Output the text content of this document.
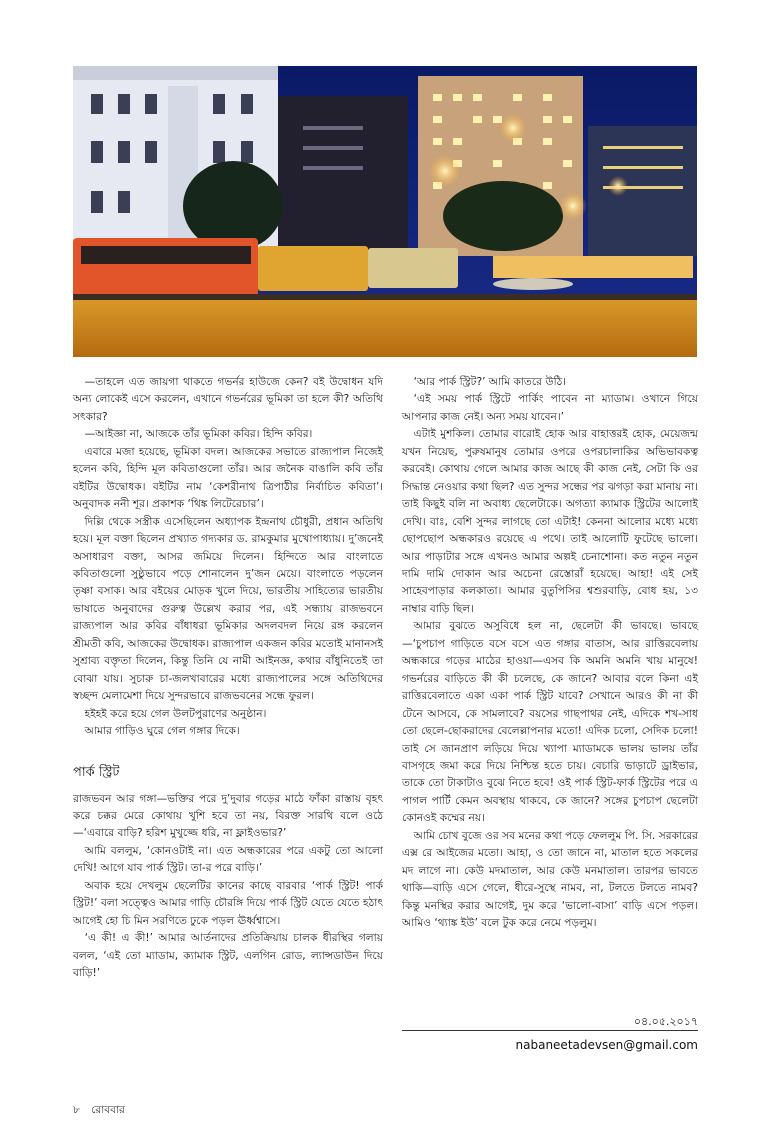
—তাহলে এত জায়গা থাকতে গভর্নর হাউজে কেন? বই উদ্বোধন যদি অন্য লোকেই এসে করলেন, এখানে গভর্নরের ভূমিকা তা হলে কী? অতিথি সৎকার?

—আইজ্ঞা না, আজকে তাঁর ভূমিকা কবির। হিন্দি কবির।

এবারে মজা হয়েছে, ভূমিকা বদল। আজকের সভাতে রাজ্যপাল নিজেই হলেন কবি, হিন্দি মূল কবিতাগুলো তাঁর। আর জনৈক বাঙালি কবি তাঁর বইটির উদ্বোধক। বইটির নাম ‘কেশরীনাথ ত্রিপাঠীর নির্বাচিত কবিতা’। অনুবাদক ননী শূর। প্রকাশক ‘থিঙ্ক লিটেরেচার’।

দিল্লি থেকে সস্ত্রীক এসেছিলেন অধ্যাপক ইন্দ্রনাথ চৌধুরী, প্রধান অতিথি হয়ে। মূল বক্তা ছিলেন প্রখ্যাত গদ্যকার ড. রামকুমার মুখোপাধ্যায়। দু’জনেই অসাধারণ বক্তা, আসর জমিয়ে দিলেন। হিন্দিতে আর বাংলাতে কবিতাগুলো সুষ্ঠুভাবে পড়ে শোনালেন দু’জন মেয়ে। বাংলাতে পড়লেন তৃষ্ণা বসাক। আর বইয়ের মোড়ক খুলে দিয়ে, ভারতীয় সাহিত্যের ভারতীয় ভাষাতে অনুবাদের গুরুত্ব উল্লেখ করার পর, এই সন্ধ্যায় রাজভবনে রাজ্যপাল আর কবির বাঁধাধরা ভূমিকার অদলবদল নিয়ে রঙ্গ করলেন শ্রীমতী কবি, আজকের উদ্বোধক। রাজ্যপাল একজন কবির মতোই মানানসই সুশ্রাব্য বক্তৃতা দিলেন, কিন্তু তিনি যে নামী আইনজ্ঞ, কথার বাঁধুনিতেই তা বোঝা যায়। সুচারু চা-জলখাবারের মধ্যে রাজ্যপালের সঙ্গে অতিথিদের স্বচ্ছন্দ মেলামেশা দিয়ে সুন্দরভাবে রাজভবনের সন্ধে ফুরল।

হইহই করে হয়ে গেল উলটপুরাণের অনুষ্ঠান।

আমার গাড়িও ঘুরে গেল গঙ্গার দিকে।

পার্ক স্ট্রিট

রাজভবন আর গঙ্গা—ভক্তির পরে দু’দুবার গড়ের মাঠে ফাঁকা রাস্তায় বৃহৎ করে চক্কর মেরে কোথায় খুশি হবে তা নয়, বিরক্ত সারথি বলে ওঠে—‘এবারে বাড়ি? হরিশ মুখুজ্জে ধরি, না ফ্লাইওভার?’

আমি বললুম, ‘কোনওটাই না। এত অন্ধকারের পরে একটু তো আলো দেখি! আগে যাব পার্ক স্ট্রিট। তা-র পরে বাড়ি।’

অবাক হয়ে দেখলুম ছেলেটির কানের কাছে বারবার ‘পার্ক স্ট্রিট! পার্ক স্ট্রিট!’ বলা সত্ত্বেও আমার গাড়ি চৌরঙ্গি দিয়ে পার্ক স্ট্রিট যেতে যেতে হঠাৎ আগেই হো চি মিন সরণিতে ঢুকে পড়ল ঊর্ধ্বশ্বাসে।

‘এ কী! এ কী!’ আমার আর্তনাদের প্রতিক্রিয়ায় চালক ধীরস্থির গলায় বলল, ‘এই তো ম্যাডাম, ক্যামাক স্ট্রিট, এলগিন রোড, ল্যান্সডাউন দিয়ে বাড়ি!’

‘আর পার্ক স্ট্রিট?’ আমি কাতরে উঠি।

‘এই সময় পার্ক স্ট্রিটে পার্কিং পাবেন না ম্যাডাম। ওখানে গিয়ে আপনার কাজ নেই। অন্য সময় যাবেন।’

এটাই মুশকিল। তোমার বারোই হোক আর বাহাত্তরই হোক, মেয়েজন্ম যখন নিয়েছ, পুরুষমানুষ তোমার ওপরে ওপরচালাকির অভিভাবকত্ব করবেই। কোথায় গেলে আমার কাজ আছে কী কাজ নেই, সেটা কি ওর সিদ্ধান্ত নেওয়ার কথা ছিল? এত সুন্দর সন্ধের পর ঝগড়া করা মানায় না। তাই কিছুই বলি না অবাধ্য ছেলেটাকে। অগত্যা ক্যামাক স্ট্রিটের আলোই দেখি। বাঃ, বেশি সুন্দর লাগছে তো এটাই! কেননা আলোর মধ্যে মধ্যে ছোপছোপ অন্ধকারও রয়েছে এ পথে। তাই আলোটি ফুটেছে ভালো। আর পাড়াটার সঙ্গে এখনও আমার অল্পই চেনাশোনা। কত নতুন নতুন দামি দামি দোকান আর অচেনা রেস্তোরাঁ হয়েছে। আহা! এই সেই সাহেবপাড়ার কলকাতা। আমার বুতুপিসির শ্বশুরবাড়ি, বোধ হয়, ১৩ নাম্বার বাড়ি ছিল।

আমার বুঝতে অসুবিধে হল না, ছেলেটা কী ভাবছে। ভাবছে—‘চুপচাপ গাড়িতে বসে বসে এত গঙ্গার বাতাস, আর রাত্তিরবেলায় অন্ধকারে গড়ের মাঠের হাওয়া—এসব কি অমনি অমনি খায় মানুষে! গভর্নরের বাড়িতে কী কী চলেছে, কে জানে? আবার বলে কিনা এই রাত্তিরবেলাতে একা একা পার্ক স্ট্রিট যাবে? সেখানে আরও কী না কী টেনে আসবে, কে সামলাবে? বয়সের গাছপাথর নেই, এদিকে শখ-সাধ তো ছেলে-ছোকরাদের বেলেল্লাপনার মতো! এদিক চলো, সেদিক চলো! তাই সে জানপ্রাণ লড়িয়ে দিয়ে খ্যাপা ম্যাডামকে ভালয় ভালয় তাঁর বাসগৃহে জমা করে দিয়ে নিশ্চিন্ত হতে চায়। বেচারি ভাড়াটে ড্রাইভার, তাকে তো টাকাটাও বুঝে নিতে হবে! ওই পার্ক স্ট্রিট-ফার্ক স্ট্রিটের পরে এ পাগল পার্টি কেমন অবস্থায় থাকবে, কে জানে? সঙ্গের চুপচাপ ছেলেটা কোনওই কম্মের নয়।

আমি চোখ বুজে ওর সব মনের কথা পড়ে ফেললুম পি. সি. সরকারের এক্স রে আইজের মতো। আহা, ও তো জানে না, মাতাল হতে সকলের মদ লাগে না। কেউ মদমাতাল, আর কেউ মনমাতাল। তারপর ভাবতে থাকি—বাড়ি এসে গেলে, ধীরে-সুস্থে নামব, না, টলতে টলতে নামব? কিন্তু মনস্থির করার আগেই, দুম করে ‘ভালো-বাসা’ বাড়ি এসে পড়ল। আমিও ‘থ্যাঙ্ক ইউ’ বলে টুক করে নেমে পড়লুম।

০৪.০৫.২০১৭
nabaneetadevsen@gmail.com
৮ রোববার
